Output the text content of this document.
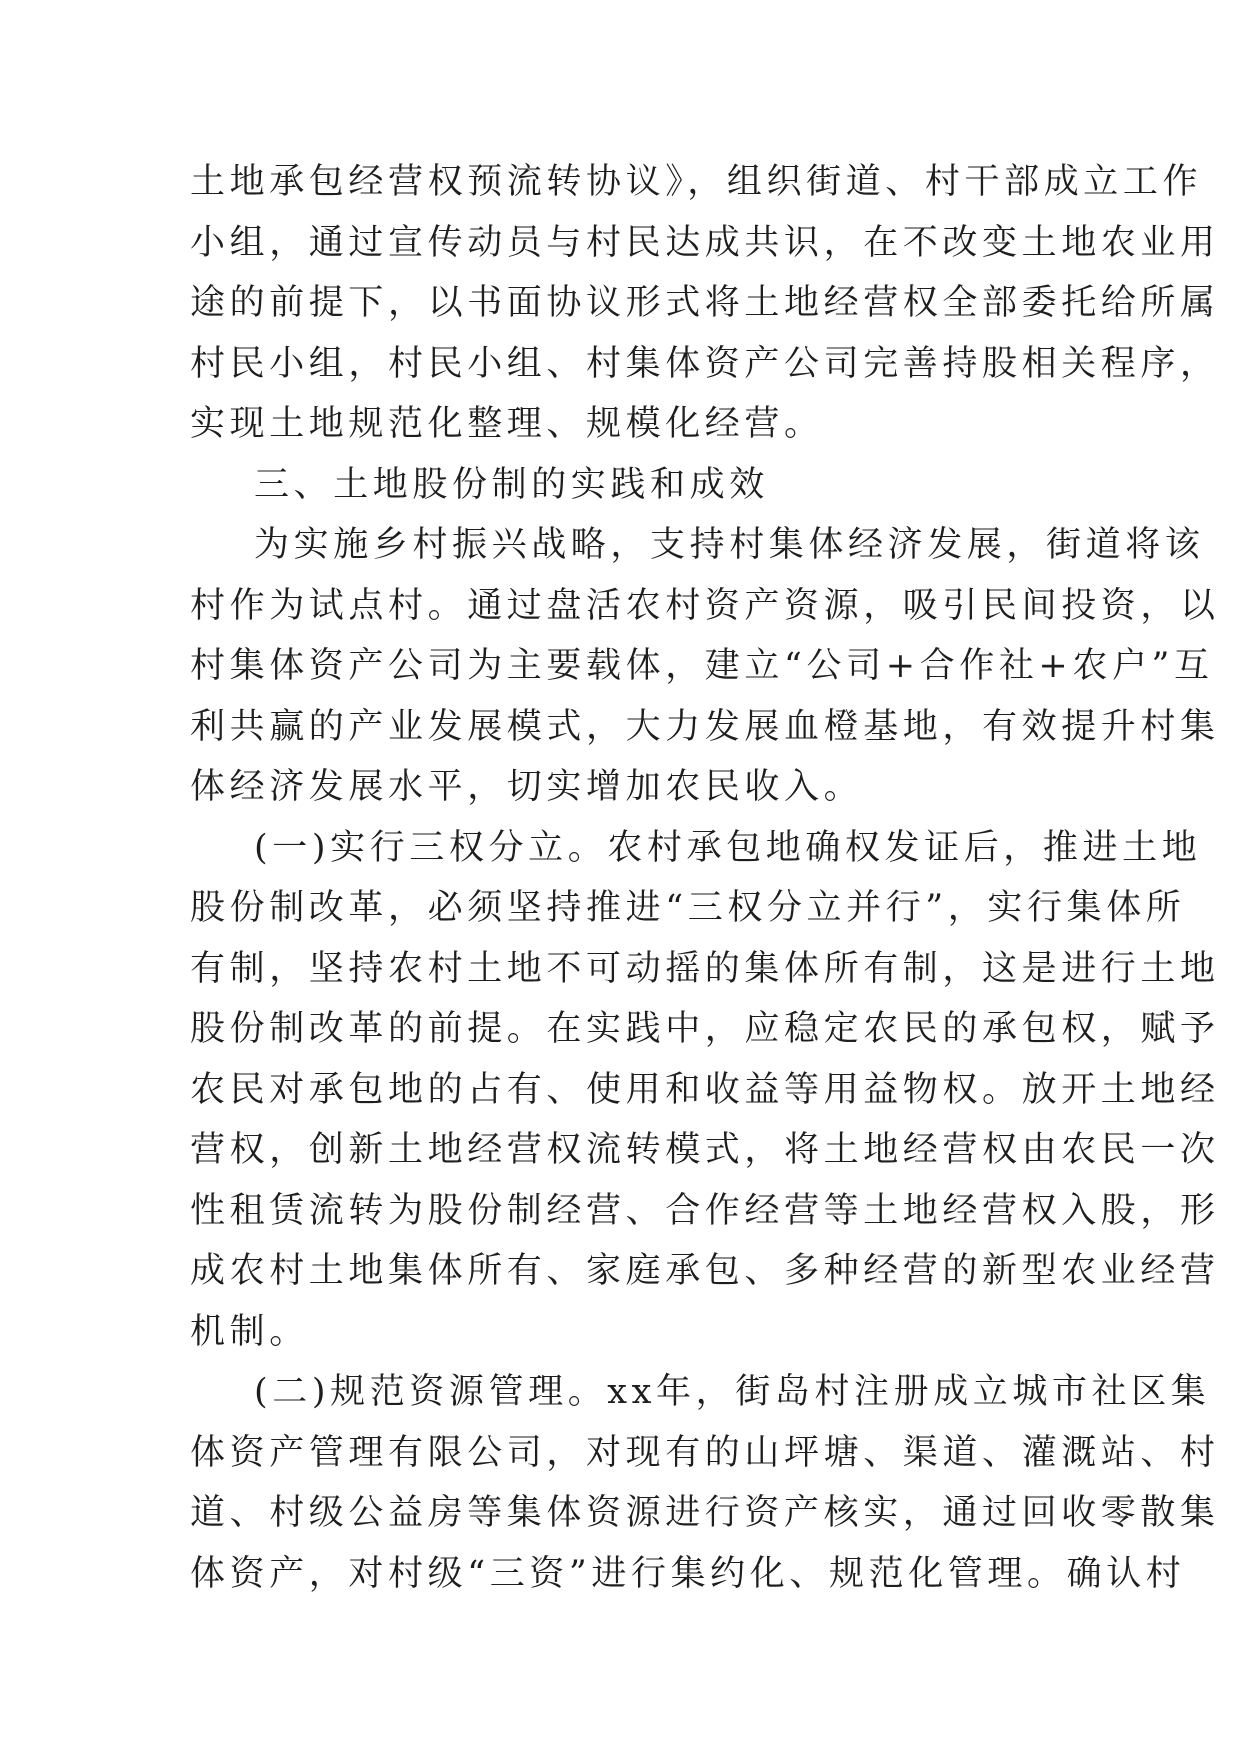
土地承包经营权预流转协议》，组织街道、村干部成立工作
小组，通过宣传动员与村民达成共识，在不改变土地农业用
途的前提下，以书面协议形式将土地经营权全部委托给所属
村民小组，村民小组、村集体资产公司完善持股相关程序，
实现土地规范化整理、规模化经营。
三、土地股份制的实践和成效
为实施乡村振兴战略，支持村集体经济发展，街道将该
村作为试点村。通过盘活农村资产资源，吸引民间投资，以
村集体资产公司为主要载体，建立“公司+合作社+农户”互
利共赢的产业发展模式，大力发展血橙基地，有效提升村集
体经济发展水平，切实增加农民收入。
(一)实行三权分立。农村承包地确权发证后，推进土地
股份制改革，必须坚持推进“三权分立并行”，实行集体所
有制，坚持农村土地不可动摇的集体所有制，这是进行土地
股份制改革的前提。在实践中，应稳定农民的承包权，赋予
农民对承包地的占有、使用和收益等用益物权。放开土地经
营权，创新土地经营权流转模式，将土地经营权由农民一次
性租赁流转为股份制经营、合作经营等土地经营权入股，形
成农村土地集体所有、家庭承包、多种经营的新型农业经营
机制。
(二)规范资源管理。xx年，街岛村注册成立城市社区集
体资产管理有限公司，对现有的山坪塘、渠道、灌溉站、村
道、村级公益房等集体资源进行资产核实，通过回收零散集
体资产，对村级“三资”进行集约化、规范化管理。确认村
